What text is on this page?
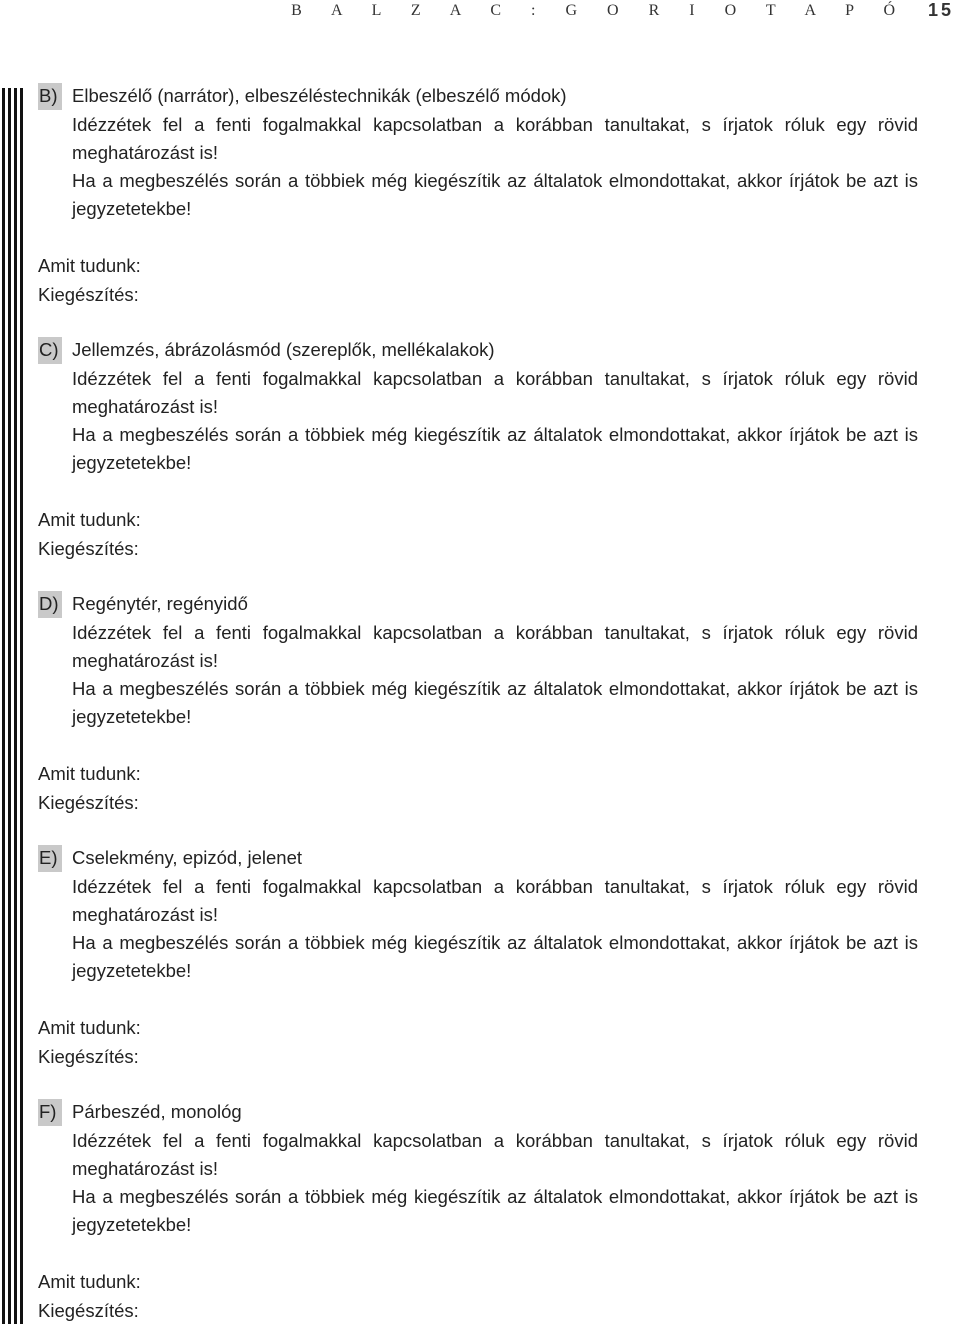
B A L Z A C : G O R I O T A P Ó 15
B) Elbeszélő (narrátor), elbeszéléstechnikák (elbeszélő módok)
Idézzétek fel a fenti fogalmakkal kapcsolatban a korábban tanultakat, s írjatok róluk egy rövid meghatározást is!
Ha a megbeszélés során a többiek még kiegészítik az általatok elmondottakat, akkor írjátok be azt is jegyzetetekbe!
Amit tudunk:
Kiegészítés:
C) Jellemzés, ábrázolásmód (szereplők, mellékalakok)
Idézzétek fel a fenti fogalmakkal kapcsolatban a korábban tanultakat, s írjatok róluk egy rövid meghatározást is!
Ha a megbeszélés során a többiek még kiegészítik az általatok elmondottakat, akkor írjátok be azt is jegyzetetekbe!
Amit tudunk:
Kiegészítés:
D) Regénytér, regényidő
Idézzétek fel a fenti fogalmakkal kapcsolatban a korábban tanultakat, s írjatok róluk egy rövid meghatározást is!
Ha a megbeszélés során a többiek még kiegészítik az általatok elmondottakat, akkor írjátok be azt is jegyzetetekbe!
Amit tudunk:
Kiegészítés:
E) Cselekmény, epizód, jelenet
Idézzétek fel a fenti fogalmakkal kapcsolatban a korábban tanultakat, s írjatok róluk egy rövid meghatározást is!
Ha a megbeszélés során a többiek még kiegészítik az általatok elmondottakat, akkor írjátok be azt is jegyzetetekbe!
Amit tudunk:
Kiegészítés:
F) Párbeszéd, monológ
Idézzétek fel a fenti fogalmakkal kapcsolatban a korábban tanultakat, s írjatok róluk egy rövid meghatározást is!
Ha a megbeszélés során a többiek még kiegészítik az általatok elmondottakat, akkor írjátok be azt is jegyzetetekbe!
Amit tudunk:
Kiegészítés:
